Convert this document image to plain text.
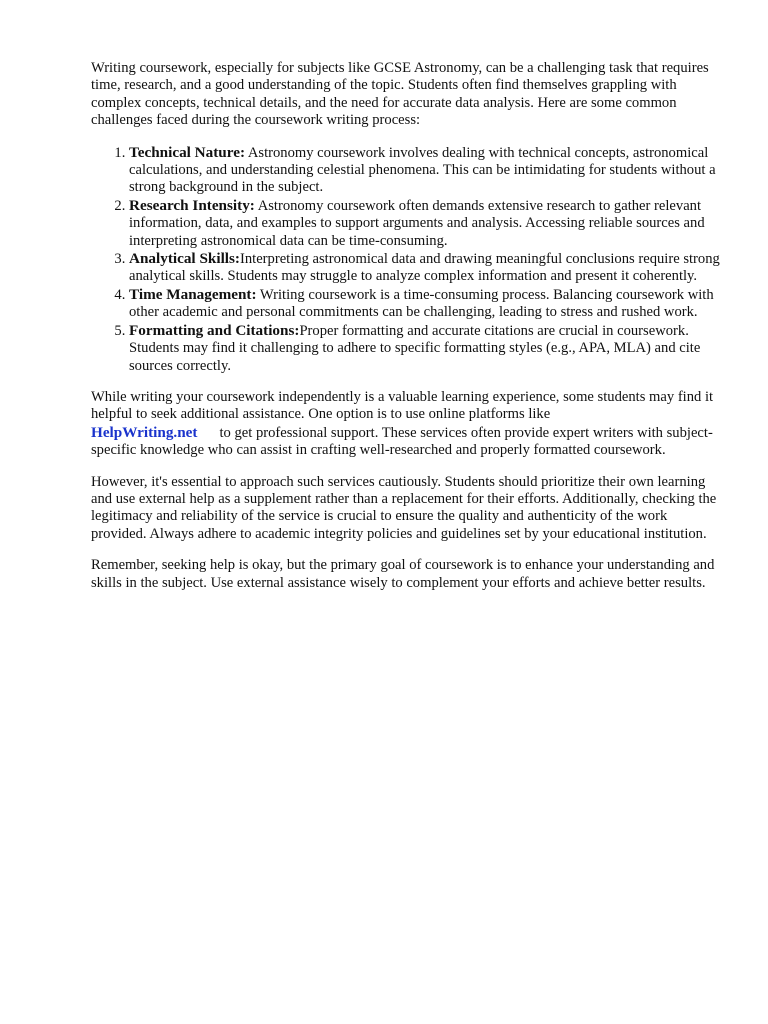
Writing coursework, especially for subjects like GCSE Astronomy, can be a challenging task that requires time, research, and a good understanding of the topic. Students often find themselves grappling with complex concepts, technical details, and the need for accurate data analysis. Here are some common challenges faced during the coursework writing process:

1. Technical Nature: Astronomy coursework involves dealing with technical concepts, astronomical calculations, and understanding celestial phenomena. This can be intimidating for students without a strong background in the subject.
2. Research Intensity: Astronomy coursework often demands extensive research to gather relevant information, data, and examples to support arguments and analysis. Accessing reliable sources and interpreting astronomical data can be time-consuming.
3. Analytical Skills:Interpreting astronomical data and drawing meaningful conclusions require strong analytical skills. Students may struggle to analyze complex information and present it coherently.
4. Time Management: Writing coursework is a time-consuming process. Balancing coursework with other academic and personal commitments can be challenging, leading to stress and rushed work.
5. Formatting and Citations:Proper formatting and accurate citations are crucial in coursework. Students may find it challenging to adhere to specific formatting styles (e.g., APA, MLA) and cite sources correctly.

While writing your coursework independently is a valuable learning experience, some students may find it helpful to seek additional assistance. One option is to use online platforms like
HelpWriting.net to get professional support. These services often provide expert writers with subject-specific knowledge who can assist in crafting well-researched and properly formatted coursework.

However, it's essential to approach such services cautiously. Students should prioritize their own learning and use external help as a supplement rather than a replacement for their efforts. Additionally, checking the legitimacy and reliability of the service is crucial to ensure the quality and authenticity of the work provided. Always adhere to academic integrity policies and guidelines set by your educational institution.

Remember, seeking help is okay, but the primary goal of coursework is to enhance your understanding and skills in the subject. Use external assistance wisely to complement your efforts and achieve better results.
